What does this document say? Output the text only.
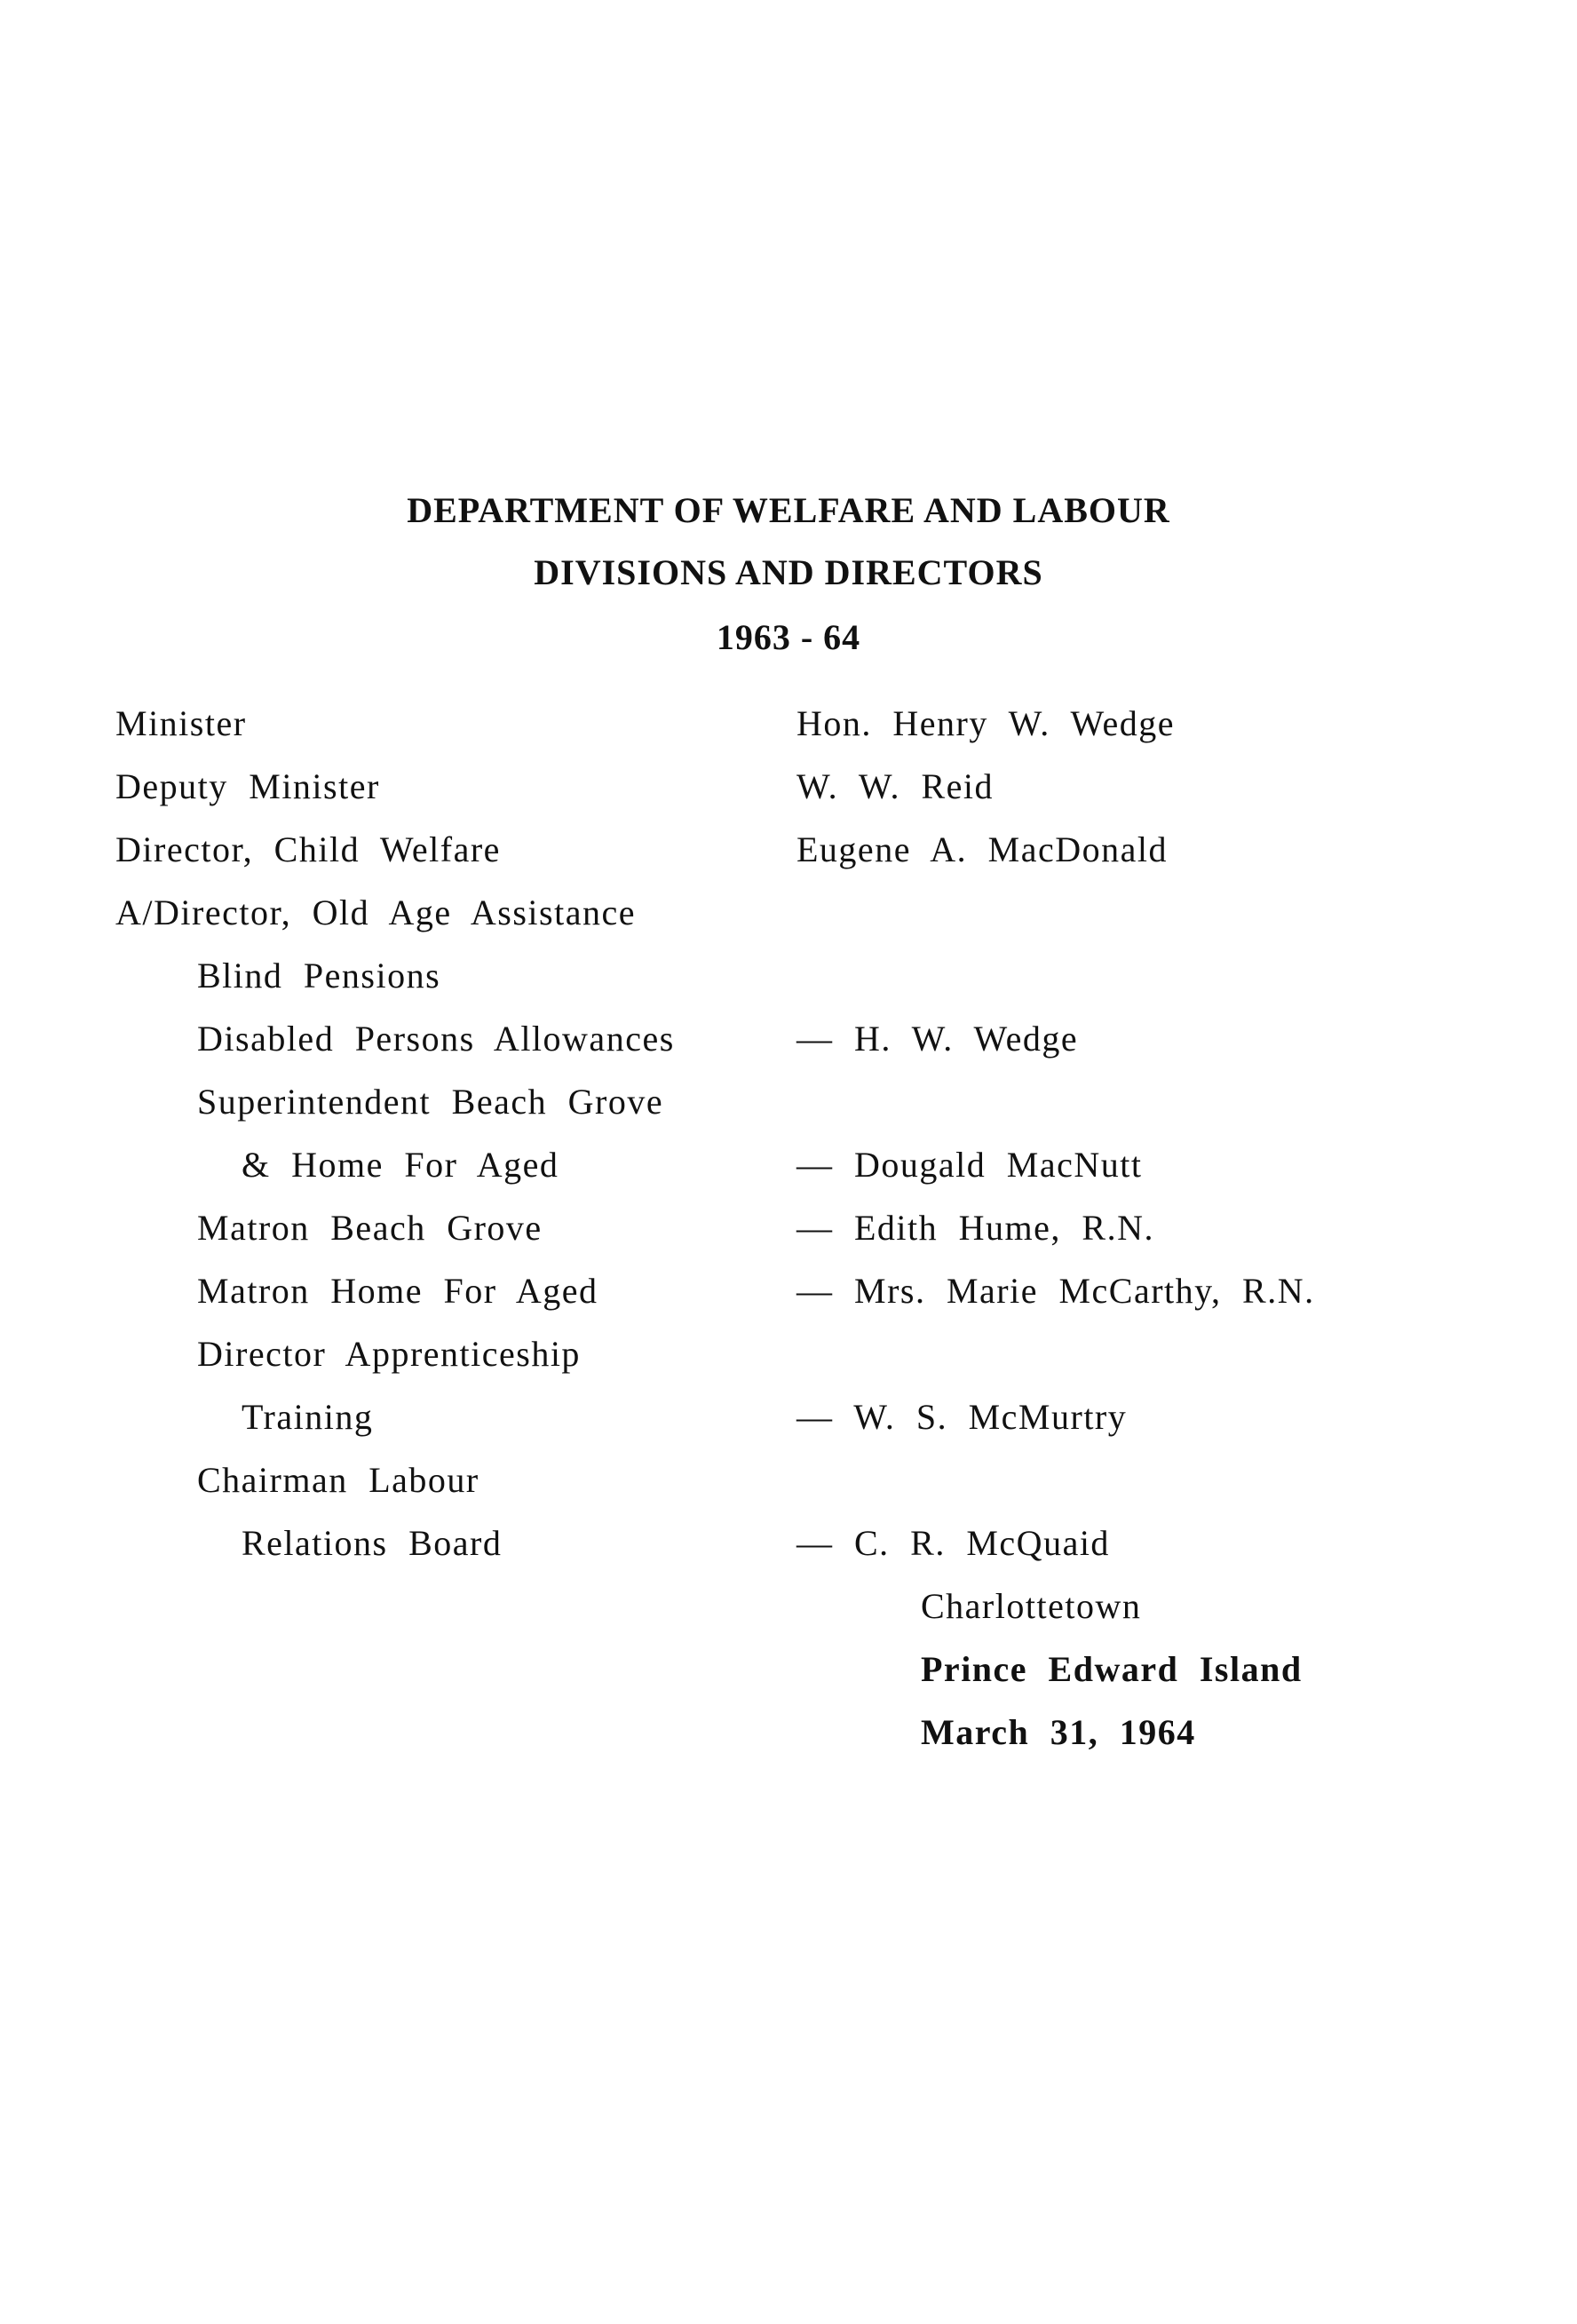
DEPARTMENT OF WELFARE AND LABOUR
DIVISIONS AND DIRECTORS
1963 - 64
Minister
Deputy Minister
Director, Child Welfare
A/Director, Old Age Assistance
Blind Pensions
Disabled Persons Allowances
Superintendent Beach Grove
& Home For Aged
Matron Beach Grove
Matron Home For Aged
Director Apprenticeship
Training
Chairman Labour
Relations Board
Hon. Henry W. Wedge
W. W. Reid
Eugene A. MacDonald
— H. W. Wedge
— Dougald MacNutt
— Edith Hume, R.N.
— Mrs. Marie McCarthy, R.N.
— W. S. McMurtry
— C. R. McQuaid
Charlottetown
Prince Edward Island
March 31, 1964
